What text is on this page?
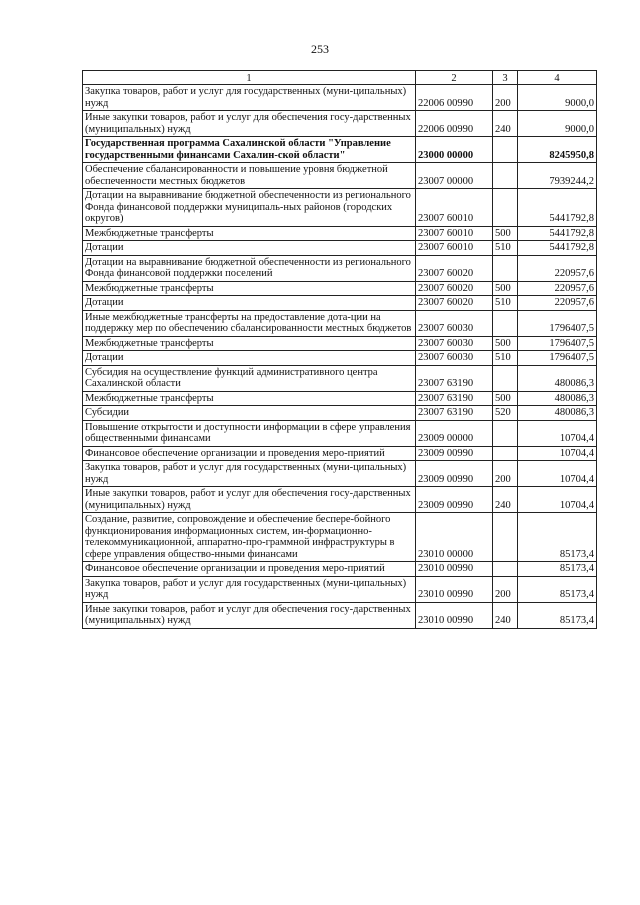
253
1	2	3	4
Закупка товаров, работ и услуг для государственных (муни-ципальных) нужд	22006 00990	200	9000,0
Иные закупки товаров, работ и услуг для обеспечения госу-дарственных (муниципальных) нужд	22006 00990	240	9000,0
Государственная программа Сахалинской области "Управление государственными финансами Сахалин-ской области"	23000 00000		8245950,8
Обеспечение сбалансированности и повышение уровня бюджетной обеспеченности местных бюджетов	23007 00000		7939244,2
Дотации на выравнивание бюджетной обеспеченности из регионального Фонда финансовой поддержки муниципаль-ных районов (городских округов)	23007 60010		5441792,8
Межбюджетные трансферты	23007 60010	500	5441792,8
Дотации	23007 60010	510	5441792,8
Дотации на выравнивание бюджетной обеспеченности из регионального Фонда финансовой поддержки поселений	23007 60020		220957,6
Межбюджетные трансферты	23007 60020	500	220957,6
Дотации	23007 60020	510	220957,6
Иные межбюджетные трансферты на предоставление дота-ции на поддержку мер по обеспечению сбалансированности местных бюджетов	23007 60030		1796407,5
Межбюджетные трансферты	23007 60030	500	1796407,5
Дотации	23007 60030	510	1796407,5
Субсидия на осуществление функций административного центра Сахалинской области	23007 63190		480086,3
Межбюджетные трансферты	23007 63190	500	480086,3
Субсидии	23007 63190	520	480086,3
Повышение открытости и доступности информации в сфере управления общественными финансами	23009 00000		10704,4
Финансовое обеспечение организации и проведения меро-приятий	23009 00990		10704,4
Закупка товаров, работ и услуг для государственных (муни-ципальных) нужд	23009 00990	200	10704,4
Иные закупки товаров, работ и услуг для обеспечения госу-дарственных (муниципальных) нужд	23009 00990	240	10704,4
Создание, развитие, сопровождение и обеспечение беспере-бойного функционирования информационных систем, ин-формационно-телекоммуникационной, аппаратно-про-граммной инфраструктуры в сфере управления общество-нными финансами	23010 00000		85173,4
Финансовое обеспечение организации и проведения меро-приятий	23010 00990		85173,4
Закупка товаров, работ и услуг для государственных (муни-ципальных) нужд	23010 00990	200	85173,4
Иные закупки товаров, работ и услуг для обеспечения госу-дарственных (муниципальных) нужд	23010 00990	240	85173,4
